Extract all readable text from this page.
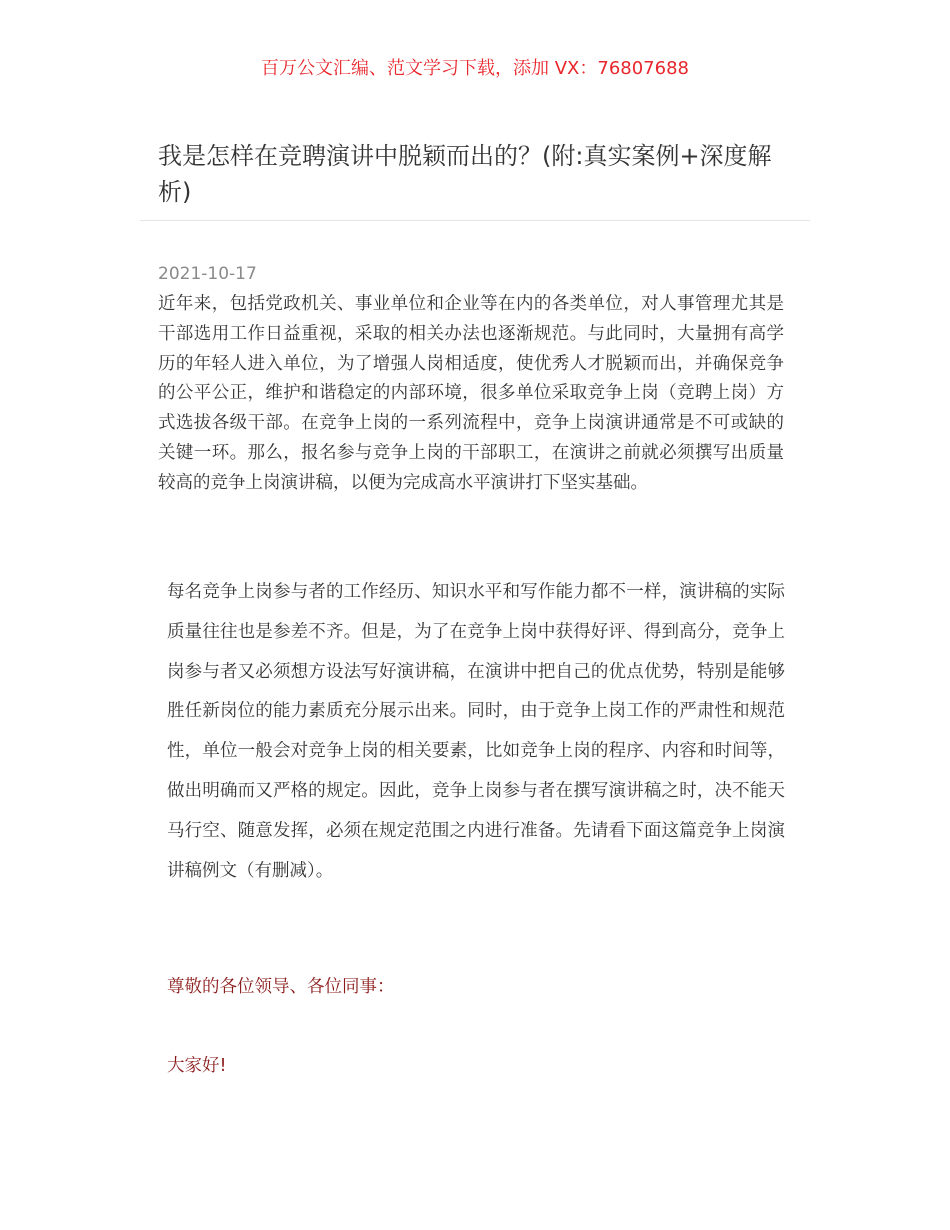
百万公文汇编、范文学习下载，添加 VX：76807688
我是怎样在竞聘演讲中脱颖而出的？(附:真实案例+深度解析)
2021-10-17

近年来，包括党政机关、事业单位和企业等在内的各类单位，对人事管理尤其是干部选用工作日益重视，采取的相关办法也逐渐规范。与此同时，大量拥有高学历的年轻人进入单位，为了增强人岗相适度，使优秀人才脱颖而出，并确保竞争的公平公正，维护和谐稳定的内部环境，很多单位采取竞争上岗（竞聘上岗）方式选拔各级干部。在竞争上岗的一系列流程中，竞争上岗演讲通常是不可或缺的关键一环。那么，报名参与竞争上岗的干部职工，在演讲之前就必须撰写出质量较高的竞争上岗演讲稿，以便为完成高水平演讲打下坚实基础。

每名竞争上岗参与者的工作经历、知识水平和写作能力都不一样，演讲稿的实际质量往往也是参差不齐。但是，为了在竞争上岗中获得好评、得到高分，竞争上岗参与者又必须想方设法写好演讲稿，在演讲中把自己的优点优势，特别是能够胜任新岗位的能力素质充分展示出来。同时，由于竞争上岗工作的严肃性和规范性，单位一般会对竞争上岗的相关要素，比如竞争上岗的程序、内容和时间等，做出明确而又严格的规定。因此，竞争上岗参与者在撰写演讲稿之时，决不能天马行空、随意发挥，必须在规定范围之内进行准备。先请看下面这篇竞争上岗演讲稿例文（有删减）。

尊敬的各位领导、各位同事：

大家好!
